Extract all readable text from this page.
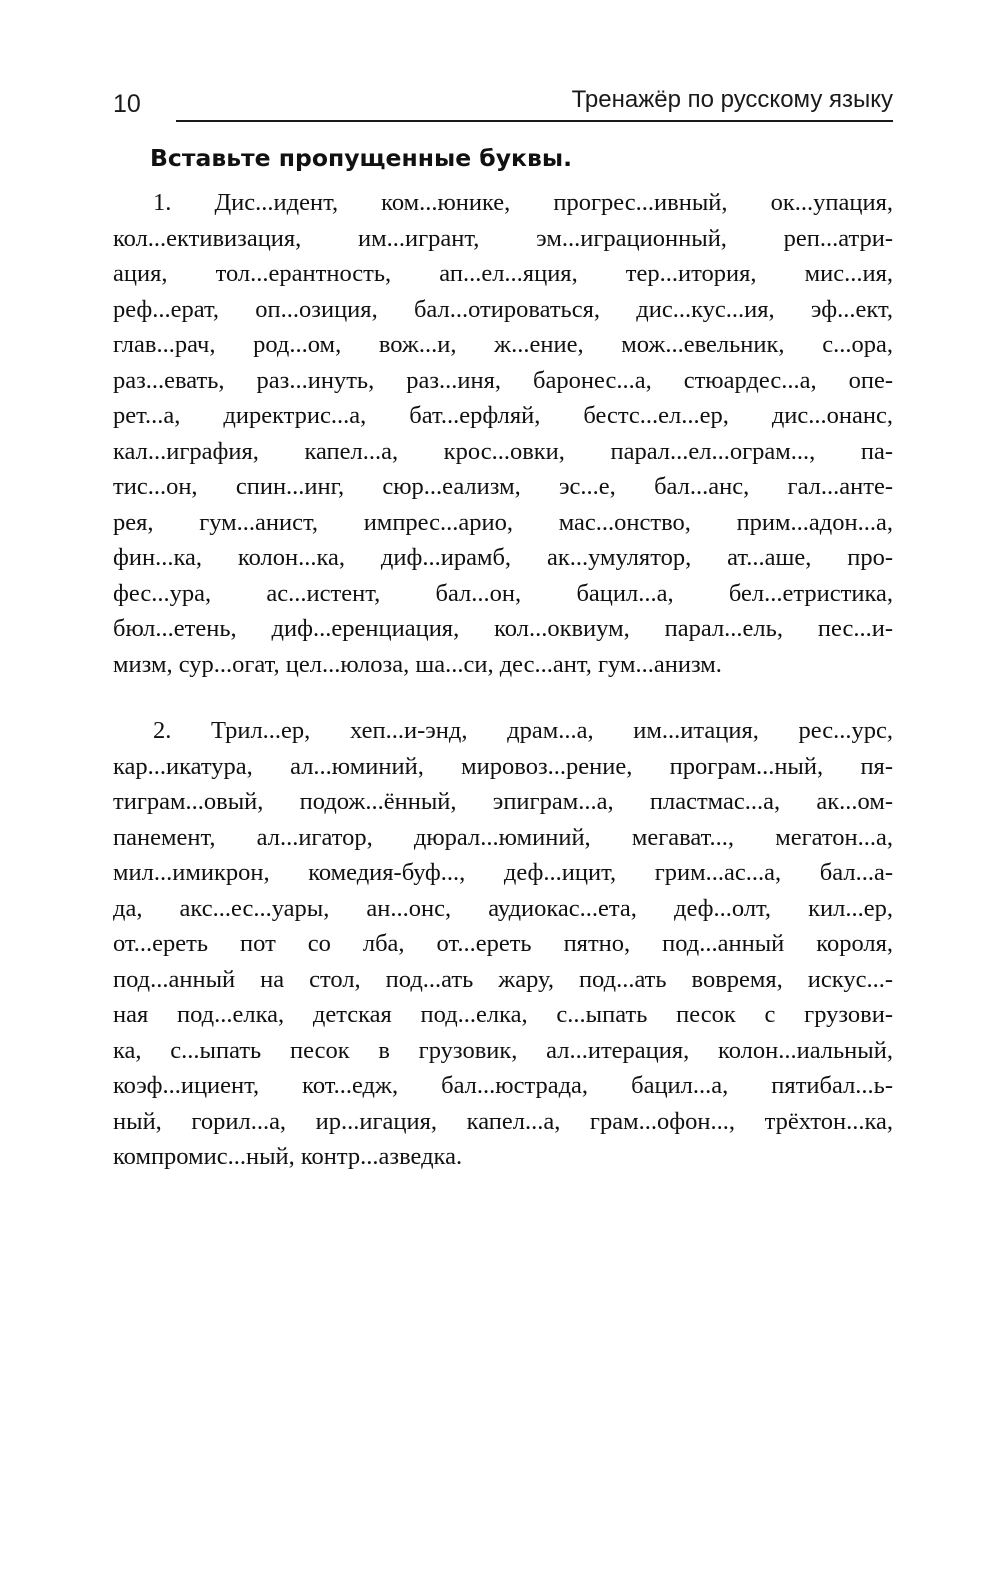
10	Тренажёр по русскому языку
Вставьте пропущенные буквы.
1. Дис...идент, ком...юнике, прогрес...ивный, ок...упация,
кол...ективизация, им...игрант, эм...играционный, реп...атри-
ация, тол...ерантность, ап...ел...яция, тер...итория, мис...ия,
реф...ерат, оп...озиция, бал...отироваться, дис...кус...ия, эф...ект,
глав...рач, род...ом, вож...и, ж...ение, мож...евельник, с...ора,
раз...евать, раз...инуть, раз...иня, баронес...а, стюардес...а, опе-
рет...а, директрис...а, бат...ерфляй, бестс...ел...ер, дис...онанс,
кал...играфия, капел...а, крос...овки, парал...ел...ограм..., па-
тис...он, спин...инг, сюр...еализм, эс...е, бал...анс, гал...анте-
рея, гум...анист, импрес...арио, мас...онство, прим...адон...а,
фин...ка, колон...ка, диф...ирамб, ак...умулятор, ат...аше, про-
фес...ура, ас...истент, бал...он, бацил...а, бел...етристика,
бюл...етень, диф...еренциация, кол...оквиум, парал...ель, пес...и-
мизм, сур...огат, цел...юлоза, ша...си, дес...ант, гум...анизм.
2. Трил...ер, хеп...и-энд, драм...а, им...итация, рес...урс,
кар...икатура, ал...юминий, мировоз...рение, програм...ный, пя-
тиграм...овый, подож...ённый, эпиграм...а, пластмас...а, ак...ом-
панемент, ал...игатор, дюрал...юминий, мегават..., мегатон...а,
мил...имикрон, комедия-буф..., деф...ицит, грим...ас...а, бал...а-
да, акс...ес...уары, ан...онс, аудиокас...ета, деф...олт, кил...ер,
от...ереть пот со лба, от...ереть пятно, под...анный короля,
под...анный на стол, под...ать жару, под...ать вовремя, искус...-
ная под...елка, детская под...елка, с...ыпать песок с грузови-
ка, с...ыпать песок в грузовик, ал...итерация, колон...иальный,
коэф...ициент, кот...едж, бал...юстрада, бацил...а, пятибал...ь-
ный, горил...а, ир...игация, капел...а, грам...офон..., трёхтон...ка,
компромис...ный, контр...азведка.
